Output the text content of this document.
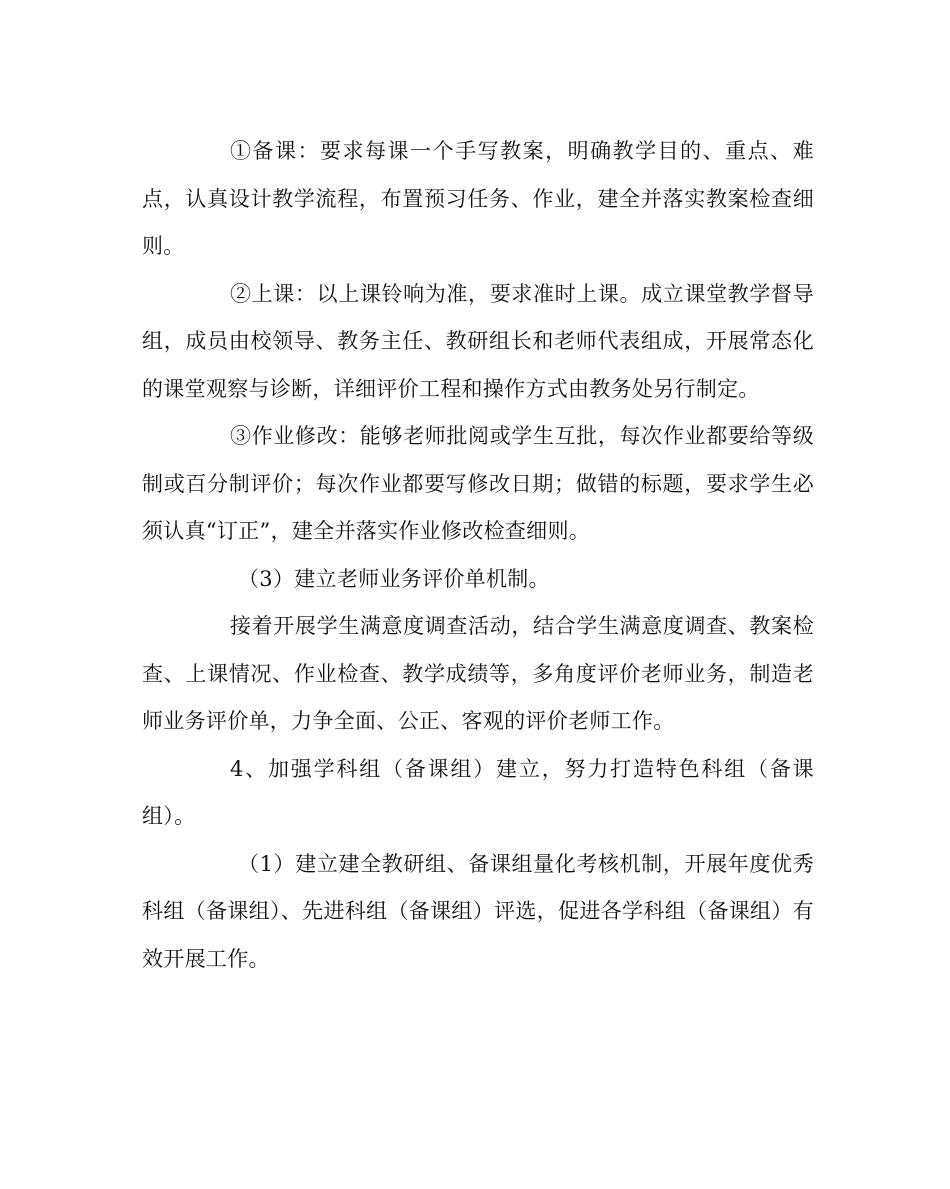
①备课：要求每课一个手写教案，明确教学目的、重点、难点，认真设计教学流程，布置预习任务、作业，建全并落实教案检查细则。

②上课：以上课铃响为准，要求准时上课。成立课堂教学督导组，成员由校领导、教务主任、教研组长和老师代表组成，开展常态化的课堂观察与诊断，详细评价工程和操作方式由教务处另行制定。

③作业修改：能够老师批阅或学生互批，每次作业都要给等级制或百分制评价；每次作业都要写修改日期；做错的标题，要求学生必须认真“订正”，建全并落实作业修改检查细则。

（3）建立老师业务评价单机制。

接着开展学生满意度调查活动，结合学生满意度调查、教案检查、上课情况、作业检查、教学成绩等，多角度评价老师业务，制造老师业务评价单，力争全面、公正、客观的评价老师工作。

4、加强学科组（备课组）建立，努力打造特色科组（备课组）。

（1）建立建全教研组、备课组量化考核机制，开展年度优秀科组（备课组）、先进科组（备课组）评选，促进各学科组（备课组）有效开展工作。
